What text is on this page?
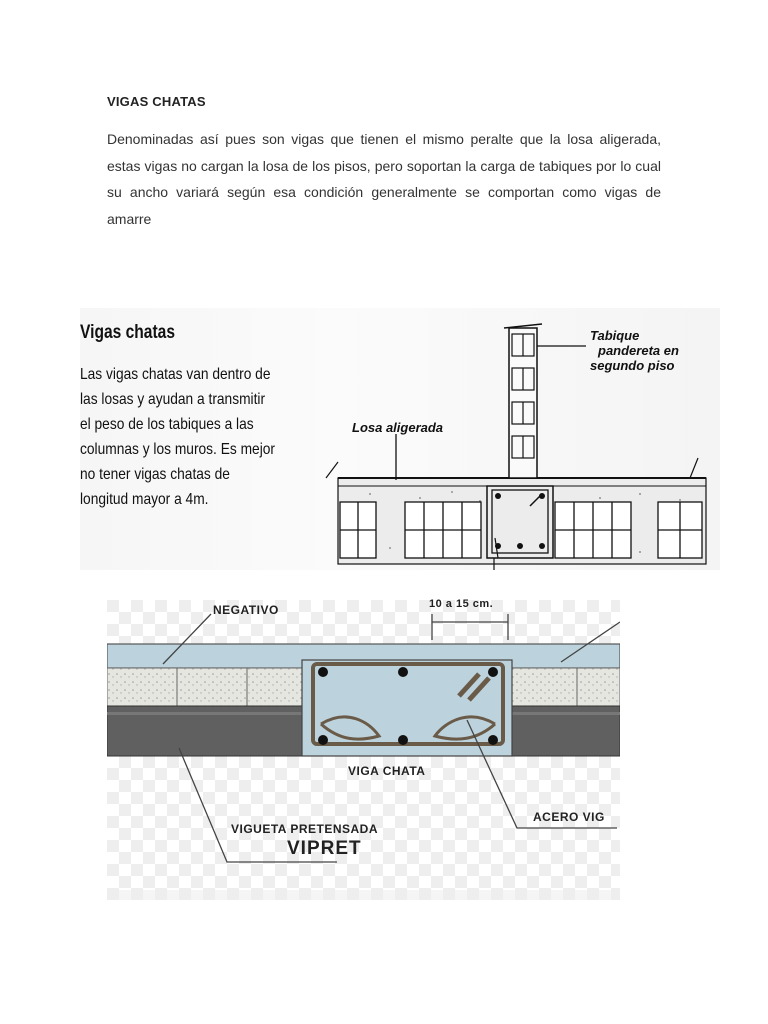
VIGAS CHATAS

Denominadas así pues son vigas que tienen el mismo peralte que la losa aligerada, estas vigas no cargan la losa de los pisos, pero soportan la carga de tabiques por lo cual su ancho variará según esa condición generalmente se comportan como vigas de amarre

Vigas chatas
Las vigas chatas van dentro de
las losas y ayudan a transmitir
el peso de los tabiques a las
columnas y los muros. Es mejor
no tener vigas chatas de
longitud mayor a 4m.
Tabique
pandereta en
segundo piso
Losa aligerada
NEGATIVO	10 a 15 cm.
VIGA CHATA
ACERO VIG
VIGUETA PRETENSADA
VIPRET
